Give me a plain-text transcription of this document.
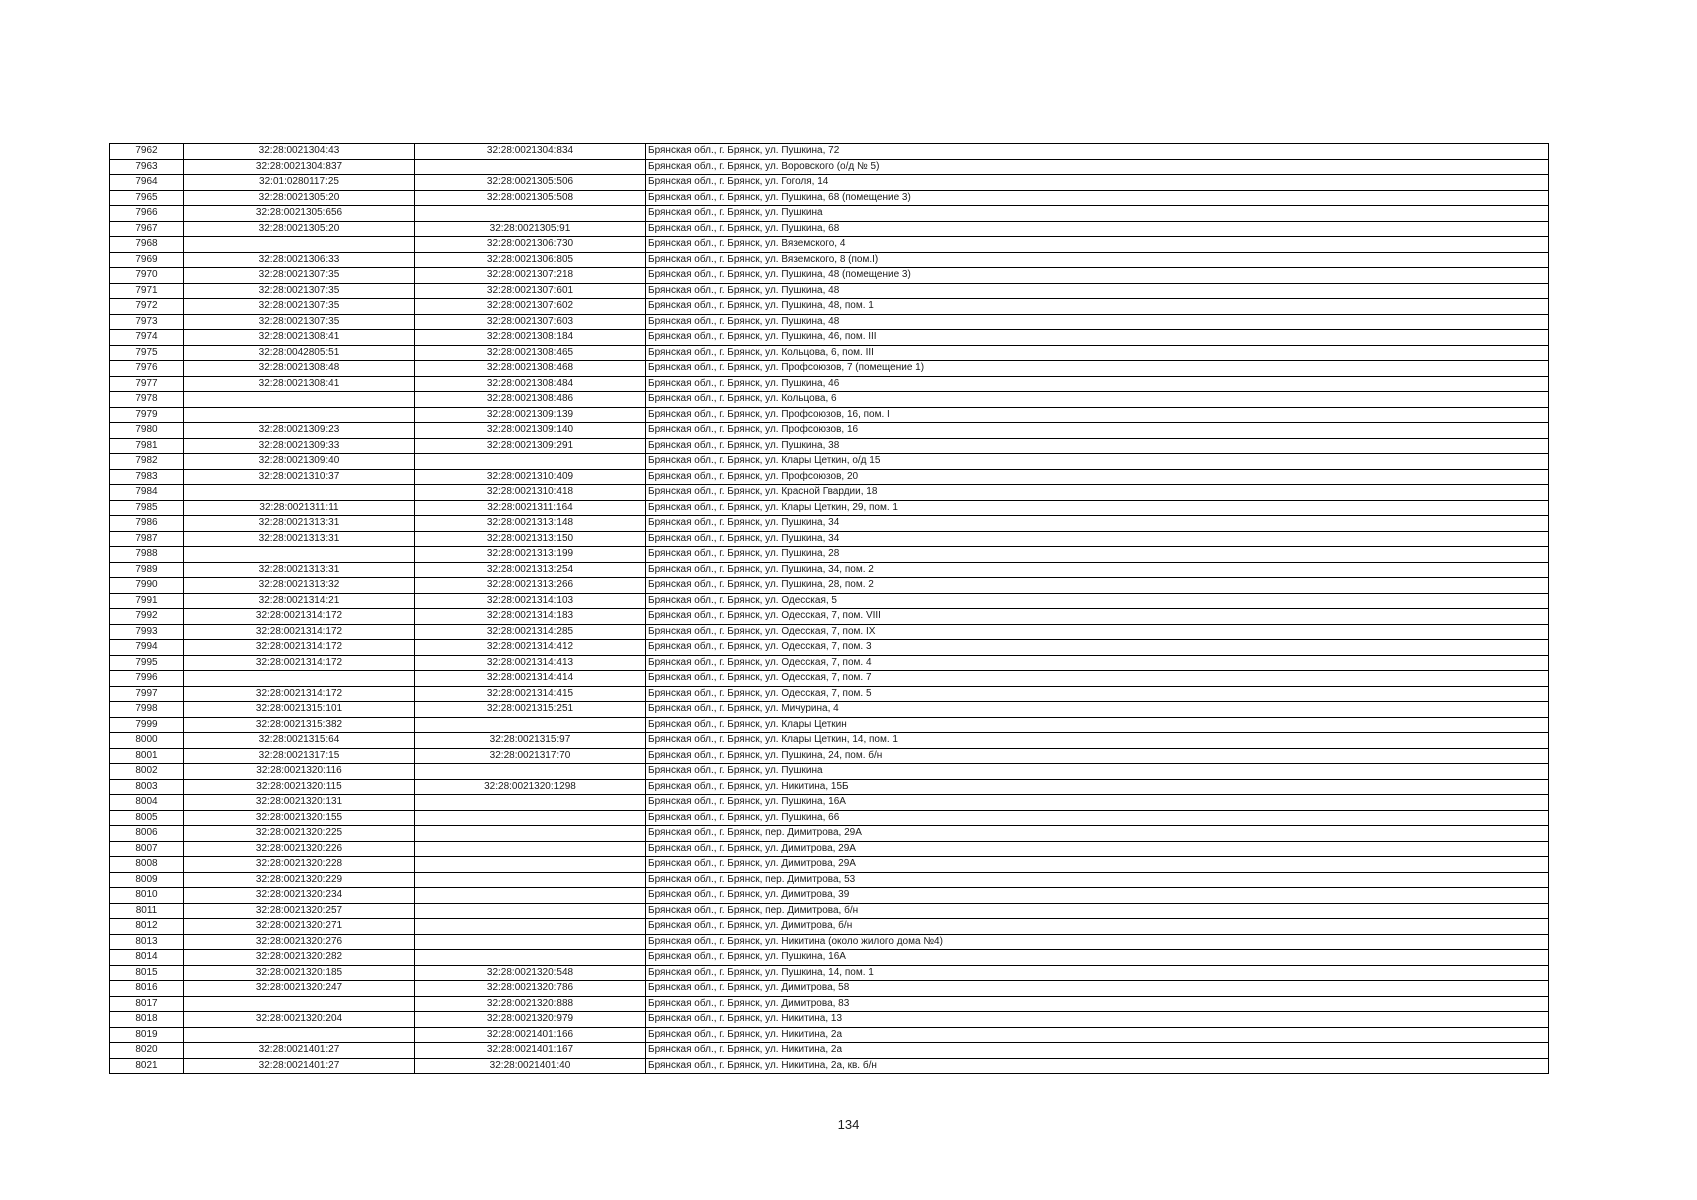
7962	32:28:0021304:43	32:28:0021304:834	Брянская обл., г. Брянск, ул. Пушкина, 72
7963	32:28:0021304:837		Брянская обл., г. Брянск, ул. Воровского (о/д № 5)
7964	32:01:0280117:25	32:28:0021305:506	Брянская обл., г. Брянск, ул. Гоголя, 14
7965	32:28:0021305:20	32:28:0021305:508	Брянская обл., г. Брянск, ул. Пушкина, 68 (помещение 3)
7966	32:28:0021305:656		Брянская обл., г. Брянск, ул. Пушкина
7967	32:28:0021305:20	32:28:0021305:91	Брянская обл., г. Брянск, ул. Пушкина, 68
7968		32:28:0021306:730	Брянская обл., г. Брянск, ул. Вяземского, 4
7969	32:28:0021306:33	32:28:0021306:805	Брянская обл., г. Брянск, ул. Вяземского, 8 (пом.I)
7970	32:28:0021307:35	32:28:0021307:218	Брянская обл., г. Брянск, ул. Пушкина, 48 (помещение 3)
7971	32:28:0021307:35	32:28:0021307:601	Брянская обл., г. Брянск, ул. Пушкина, 48
7972	32:28:0021307:35	32:28:0021307:602	Брянская обл., г. Брянск, ул. Пушкина, 48, пом. 1
7973	32:28:0021307:35	32:28:0021307:603	Брянская обл., г. Брянск, ул. Пушкина, 48
7974	32:28:0021308:41	32:28:0021308:184	Брянская обл., г. Брянск, ул. Пушкина, 46, пом. III
7975	32:28:0042805:51	32:28:0021308:465	Брянская обл., г. Брянск, ул. Кольцова, 6, пом. III
7976	32:28:0021308:48	32:28:0021308:468	Брянская обл., г. Брянск, ул. Профсоюзов, 7 (помещение 1)
7977	32:28:0021308:41	32:28:0021308:484	Брянская обл., г. Брянск, ул. Пушкина, 46
7978		32:28:0021308:486	Брянская обл., г. Брянск, ул. Кольцова, 6
7979		32:28:0021309:139	Брянская обл., г. Брянск, ул. Профсоюзов, 16, пом. I
7980	32:28:0021309:23	32:28:0021309:140	Брянская обл., г. Брянск, ул. Профсоюзов, 16
7981	32:28:0021309:33	32:28:0021309:291	Брянская обл., г. Брянск, ул. Пушкина, 38
7982	32:28:0021309:40		Брянская обл., г. Брянск, ул. Клары Цеткин, о/д 15
7983	32:28:0021310:37	32:28:0021310:409	Брянская обл., г. Брянск, ул. Профсоюзов, 20
7984		32:28:0021310:418	Брянская обл., г. Брянск, ул. Красной Гвардии, 18
7985	32:28:0021311:11	32:28:0021311:164	Брянская обл., г. Брянск, ул. Клары Цеткин, 29, пом. 1
7986	32:28:0021313:31	32:28:0021313:148	Брянская обл., г. Брянск, ул. Пушкина, 34
7987	32:28:0021313:31	32:28:0021313:150	Брянская обл., г. Брянск, ул. Пушкина, 34
7988		32:28:0021313:199	Брянская обл., г. Брянск, ул. Пушкина, 28
7989	32:28:0021313:31	32:28:0021313:254	Брянская обл., г. Брянск, ул. Пушкина, 34, пом. 2
7990	32:28:0021313:32	32:28:0021313:266	Брянская обл., г. Брянск, ул. Пушкина, 28, пом. 2
7991	32:28:0021314:21	32:28:0021314:103	Брянская обл., г. Брянск, ул. Одесская, 5
7992	32:28:0021314:172	32:28:0021314:183	Брянская обл., г. Брянск, ул. Одесская, 7, пом. VIII
7993	32:28:0021314:172	32:28:0021314:285	Брянская обл., г. Брянск, ул. Одесская, 7, пом. IX
7994	32:28:0021314:172	32:28:0021314:412	Брянская обл., г. Брянск, ул. Одесская, 7, пом. 3
7995	32:28:0021314:172	32:28:0021314:413	Брянская обл., г. Брянск, ул. Одесская, 7, пом. 4
7996		32:28:0021314:414	Брянская обл., г. Брянск, ул. Одесская, 7, пом. 7
7997	32:28:0021314:172	32:28:0021314:415	Брянская обл., г. Брянск, ул. Одесская, 7, пом. 5
7998	32:28:0021315:101	32:28:0021315:251	Брянская обл., г. Брянск, ул. Мичурина, 4
7999	32:28:0021315:382		Брянская обл., г. Брянск, ул. Клары Цеткин
8000	32:28:0021315:64	32:28:0021315:97	Брянская обл., г. Брянск, ул. Клары Цеткин, 14, пом. 1
8001	32:28:0021317:15	32:28:0021317:70	Брянская обл., г. Брянск, ул. Пушкина, 24, пом. б/н
8002	32:28:0021320:116		Брянская обл., г. Брянск, ул. Пушкина
8003	32:28:0021320:115	32:28:0021320:1298	Брянская обл., г. Брянск, ул. Никитина, 15Б
8004	32:28:0021320:131		Брянская обл., г. Брянск, ул. Пушкина, 16А
8005	32:28:0021320:155		Брянская обл., г. Брянск, ул. Пушкина, 66
8006	32:28:0021320:225		Брянская обл., г. Брянск, пер. Димитрова, 29А
8007	32:28:0021320:226		Брянская обл., г. Брянск, ул. Димитрова, 29А
8008	32:28:0021320:228		Брянская обл., г. Брянск, ул. Димитрова, 29А
8009	32:28:0021320:229		Брянская обл., г. Брянск, пер. Димитрова, 53
8010	32:28:0021320:234		Брянская обл., г. Брянск, ул. Димитрова, 39
8011	32:28:0021320:257		Брянская обл., г. Брянск, пер. Димитрова, б/н
8012	32:28:0021320:271		Брянская обл., г. Брянск, ул. Димитрова, б/н
8013	32:28:0021320:276		Брянская обл., г. Брянск, ул. Никитина (около жилого дома №4)
8014	32:28:0021320:282		Брянская обл., г. Брянск, ул. Пушкина, 16А
8015	32:28:0021320:185	32:28:0021320:548	Брянская обл., г. Брянск, ул. Пушкина, 14, пом. 1
8016	32:28:0021320:247	32:28:0021320:786	Брянская обл., г. Брянск, ул. Димитрова, 58
8017		32:28:0021320:888	Брянская обл., г. Брянск, ул. Димитрова, 83
8018	32:28:0021320:204	32:28:0021320:979	Брянская обл., г. Брянск, ул. Никитина, 13
8019		32:28:0021401:166	Брянская обл., г. Брянск, ул. Никитина, 2а
8020	32:28:0021401:27	32:28:0021401:167	Брянская обл., г. Брянск, ул. Никитина, 2а
8021	32:28:0021401:27	32:28:0021401:40	Брянская обл., г. Брянск, ул. Никитина, 2а, кв. б/н
134
